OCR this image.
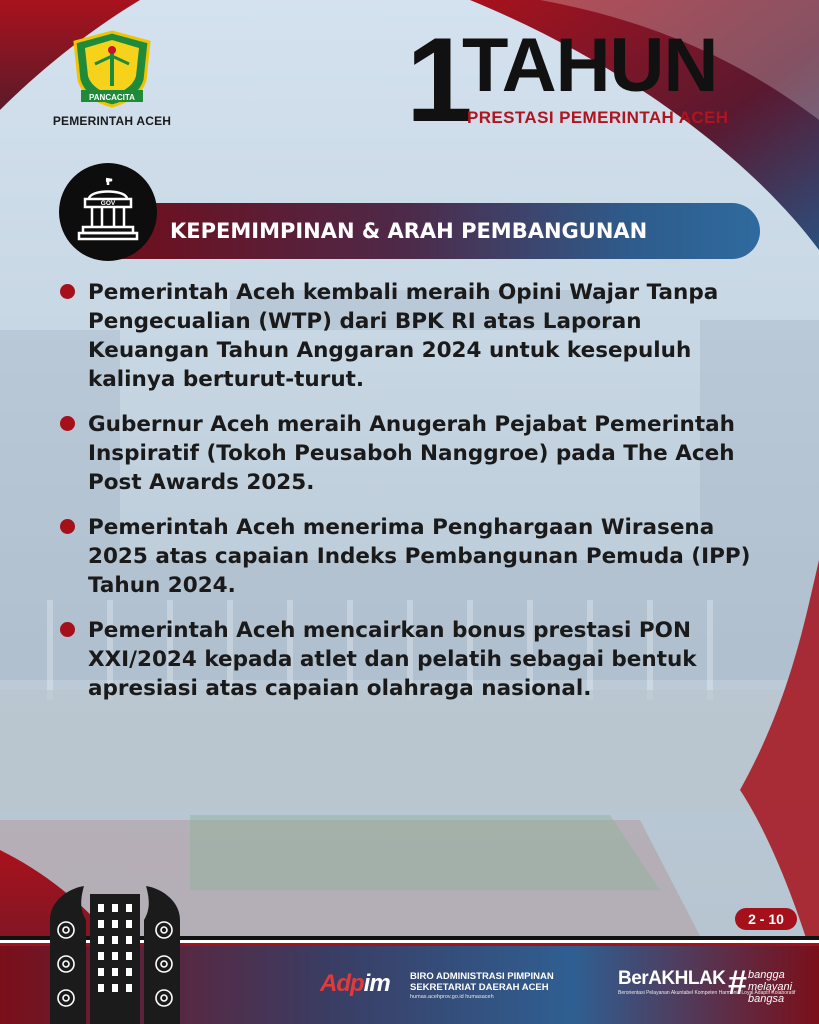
PANCACITA
PEMERINTAH ACEH 1
TAHUN
PRESTASI PEMERINTAH ACEH
KEPEMIMPINAN & ARAH PEMBANGUNAN
GOV
Pemerintah Aceh kembali meraih Opini Wajar Tanpa Pengecualian (WTP) dari BPK RI atas Laporan Keuangan Tahun Anggaran 2024 untuk kesepuluh kalinya berturut-turut.
Gubernur Aceh meraih Anugerah Pejabat Pemerintah Inspiratif (Tokoh Peusaboh Nanggroe) pada The Aceh Post Awards 2025.
Pemerintah Aceh menerima Penghargaan Wirasena 2025 atas capaian Indeks Pembangunan Pemuda (IPP) Tahun 2024.
Pemerintah Aceh mencairkan bonus prestasi PON XXI/2024 kepada atlet dan pelatih sebagai bentuk apresiasi atas capaian olahraga nasional.
2 - 10
Adpim BIRO ADMINISTRASI PIMPINAN
SEKRETARIAT DAERAH ACEH
humas.acehprov.go.id humasaceh
BerAKHLAK
Berorientasi Pelayanan Akuntabel Kompeten Harmonis Loyal Adaptif Kolaboratif
# bangga
melayani
bangsa
